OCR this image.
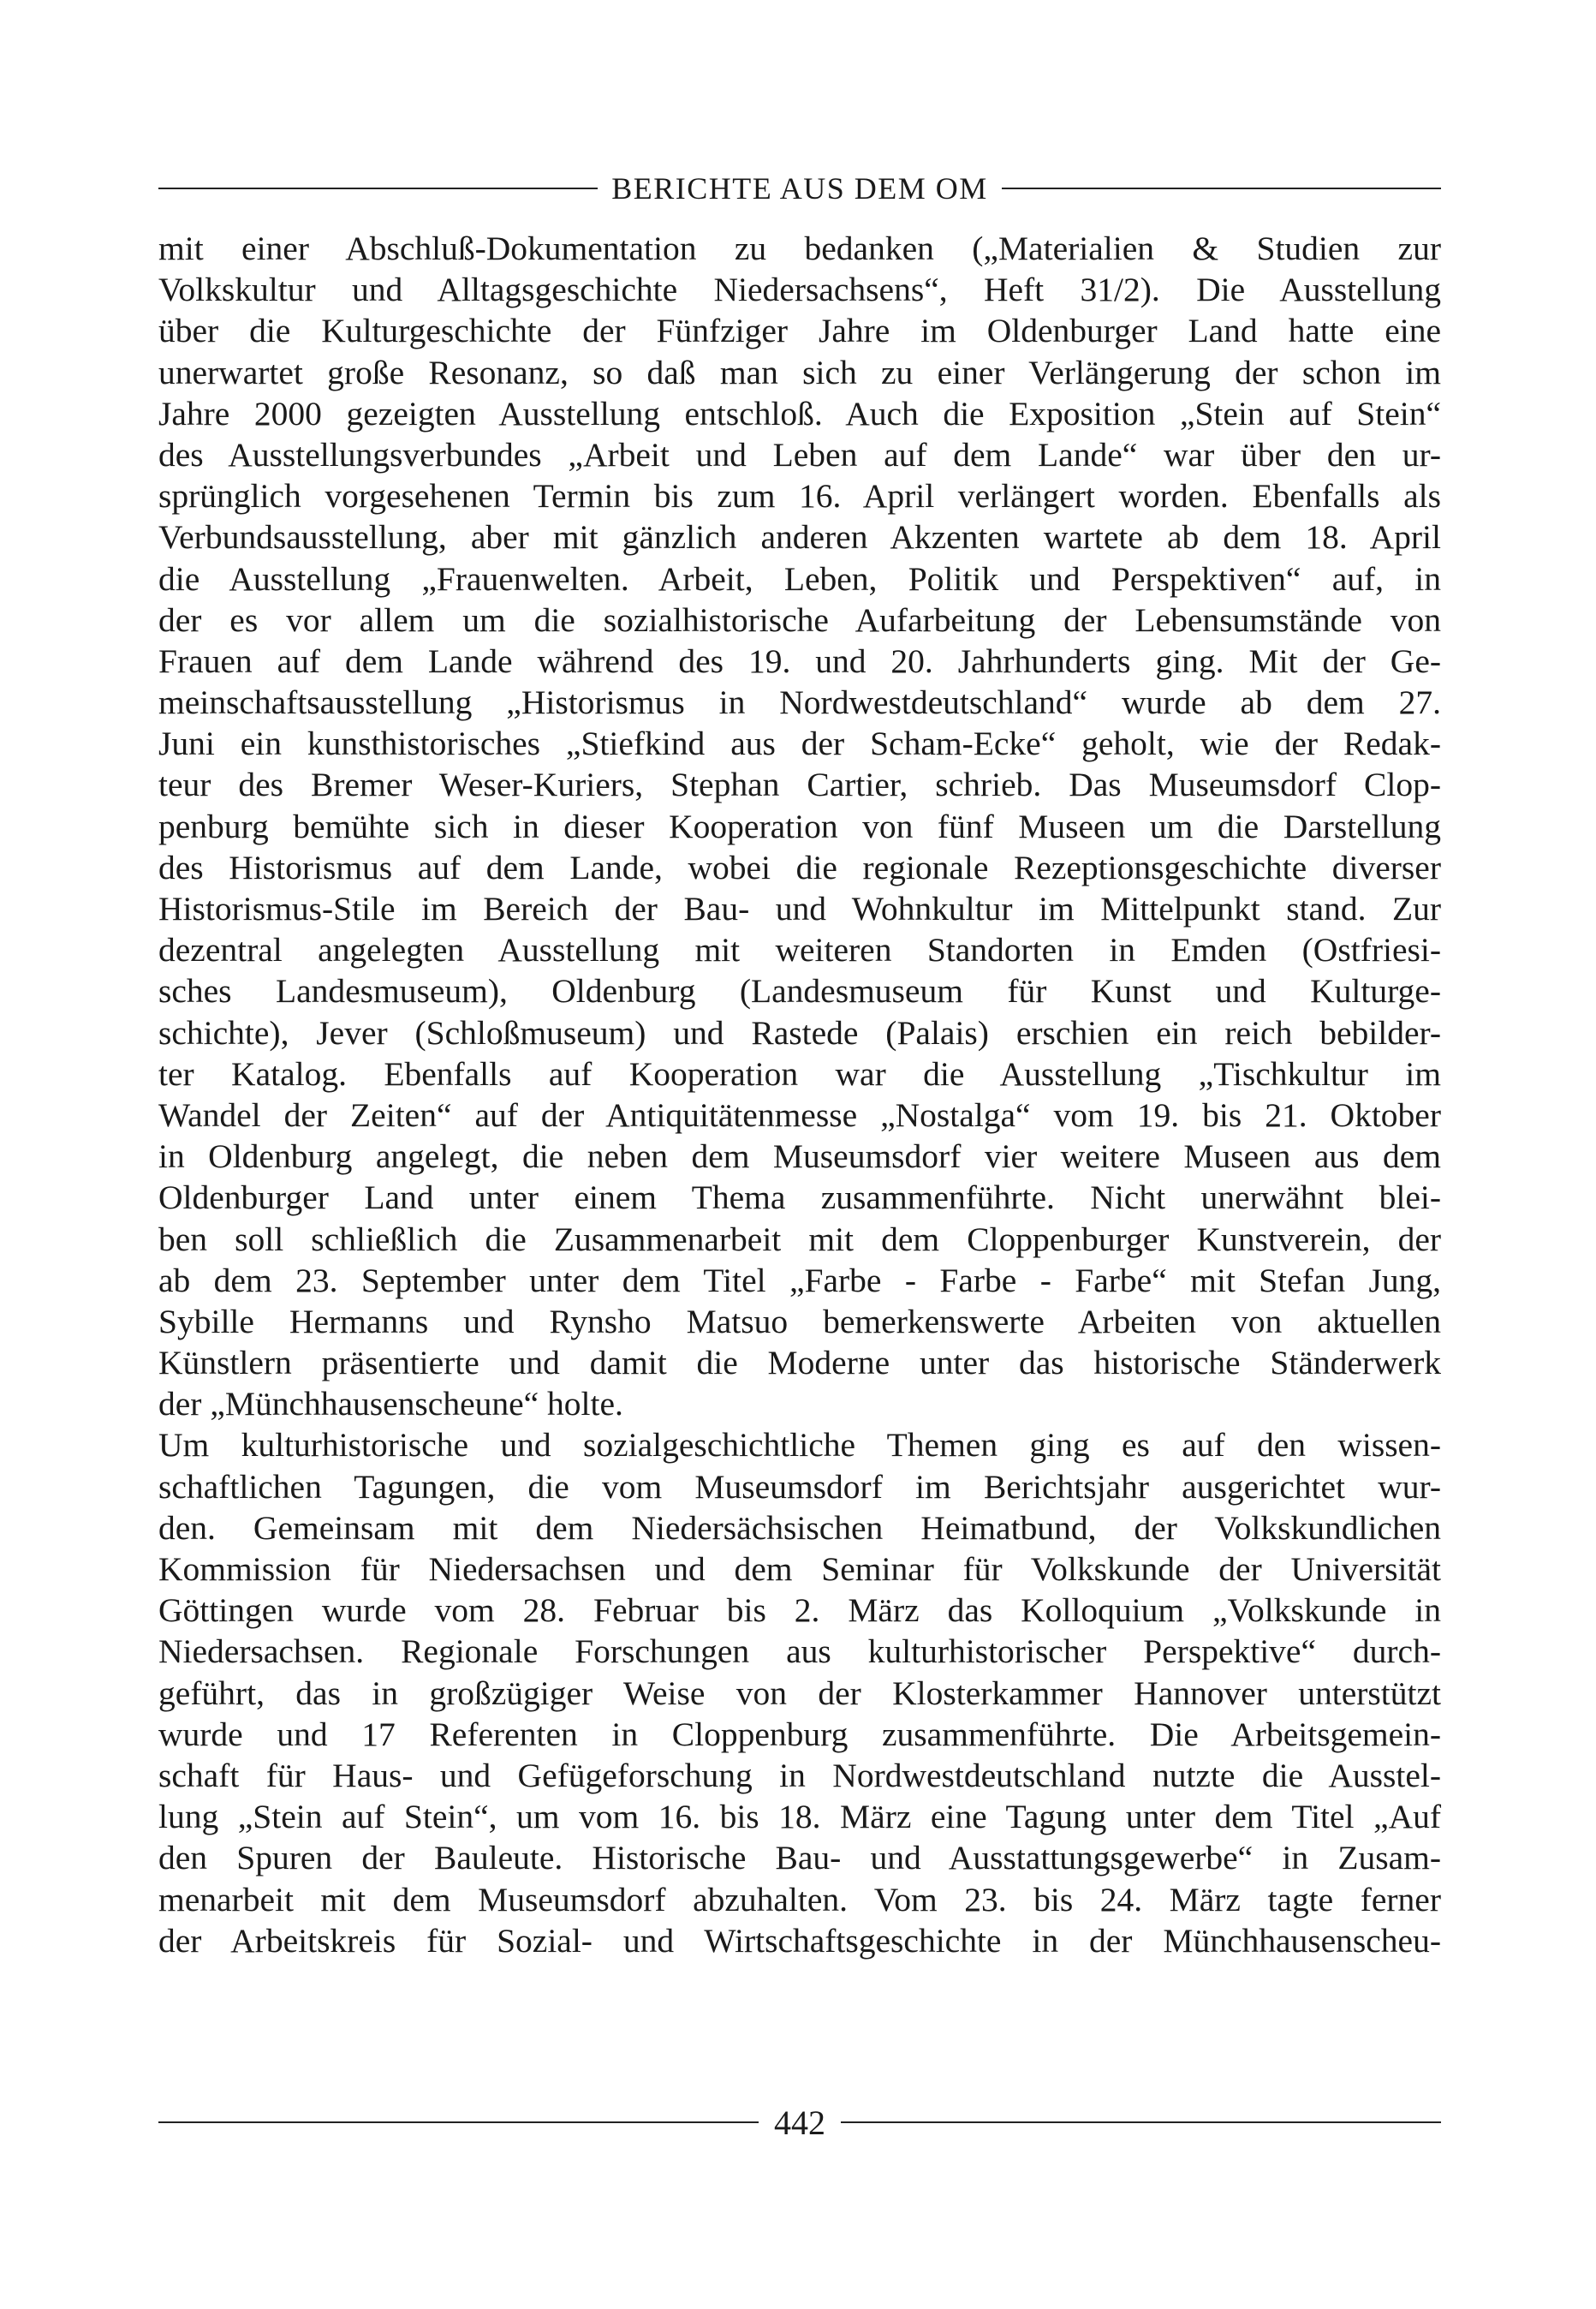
BERICHTE AUS DEM OM
mit einer Abschluß-Dokumentation zu bedanken („Materialien & Studien zur
Volkskultur und Alltagsgeschichte Niedersachsens“, Heft 31/2). Die Ausstellung
über die Kulturgeschichte der Fünfziger Jahre im Oldenburger Land hatte eine
unerwartet große Resonanz, so daß man sich zu einer Verlängerung der schon im
Jahre 2000 gezeigten Ausstellung entschloß. Auch die Exposition „Stein auf Stein“
des Ausstellungsverbundes „Arbeit und Leben auf dem Lande“ war über den ur-
sprünglich vorgesehenen Termin bis zum 16. April verlängert worden. Ebenfalls als
Verbundsausstellung, aber mit gänzlich anderen Akzenten wartete ab dem 18. April
die Ausstellung „Frauenwelten. Arbeit, Leben, Politik und Perspektiven“ auf, in
der es vor allem um die sozialhistorische Aufarbeitung der Lebensumstände von
Frauen auf dem Lande während des 19. und 20. Jahrhunderts ging. Mit der Ge-
meinschaftsausstellung „Historismus in Nordwestdeutschland“ wurde ab dem 27.
Juni ein kunsthistorisches „Stiefkind aus der Scham-Ecke“ geholt, wie der Redak-
teur des Bremer Weser-Kuriers, Stephan Cartier, schrieb. Das Museumsdorf Clop-
penburg bemühte sich in dieser Kooperation von fünf Museen um die Darstellung
des Historismus auf dem Lande, wobei die regionale Rezeptionsgeschichte diverser
Historismus-Stile im Bereich der Bau- und Wohnkultur im Mittelpunkt stand. Zur
dezentral angelegten Ausstellung mit weiteren Standorten in Emden (Ostfriesi-
sches Landesmuseum), Oldenburg (Landesmuseum für Kunst und Kulturge-
schichte), Jever (Schloßmuseum) und Rastede (Palais) erschien ein reich bebilder-
ter Katalog. Ebenfalls auf Kooperation war die Ausstellung „Tischkultur im
Wandel der Zeiten“ auf der Antiquitätenmesse „Nostalga“ vom 19. bis 21. Oktober
in Oldenburg angelegt, die neben dem Museumsdorf vier weitere Museen aus dem
Oldenburger Land unter einem Thema zusammenführte. Nicht unerwähnt blei-
ben soll schließlich die Zusammenarbeit mit dem Cloppenburger Kunstverein, der
ab dem 23. September unter dem Titel „Farbe - Farbe - Farbe“ mit Stefan Jung,
Sybille Hermanns und Rynsho Matsuo bemerkenswerte Arbeiten von aktuellen
Künstlern präsentierte und damit die Moderne unter das historische Ständerwerk
der „Münchhausenscheune“ holte.
Um kulturhistorische und sozialgeschichtliche Themen ging es auf den wissen-
schaftlichen Tagungen, die vom Museumsdorf im Berichtsjahr ausgerichtet wur-
den. Gemeinsam mit dem Niedersächsischen Heimatbund, der Volkskundlichen
Kommission für Niedersachsen und dem Seminar für Volkskunde der Universität
Göttingen wurde vom 28. Februar bis 2. März das Kolloquium „Volkskunde in
Niedersachsen. Regionale Forschungen aus kulturhistorischer Perspektive“ durch-
geführt, das in großzügiger Weise von der Klosterkammer Hannover unterstützt
wurde und 17 Referenten in Cloppenburg zusammenführte. Die Arbeitsgemein-
schaft für Haus- und Gefügeforschung in Nordwestdeutschland nutzte die Ausstel-
lung „Stein auf Stein“, um vom 16. bis 18. März eine Tagung unter dem Titel „Auf
den Spuren der Bauleute. Historische Bau- und Ausstattungsgewerbe“ in Zusam-
menarbeit mit dem Museumsdorf abzuhalten. Vom 23. bis 24. März tagte ferner
der Arbeitskreis für Sozial- und Wirtschaftsgeschichte in der Münchhausenscheu-
442
